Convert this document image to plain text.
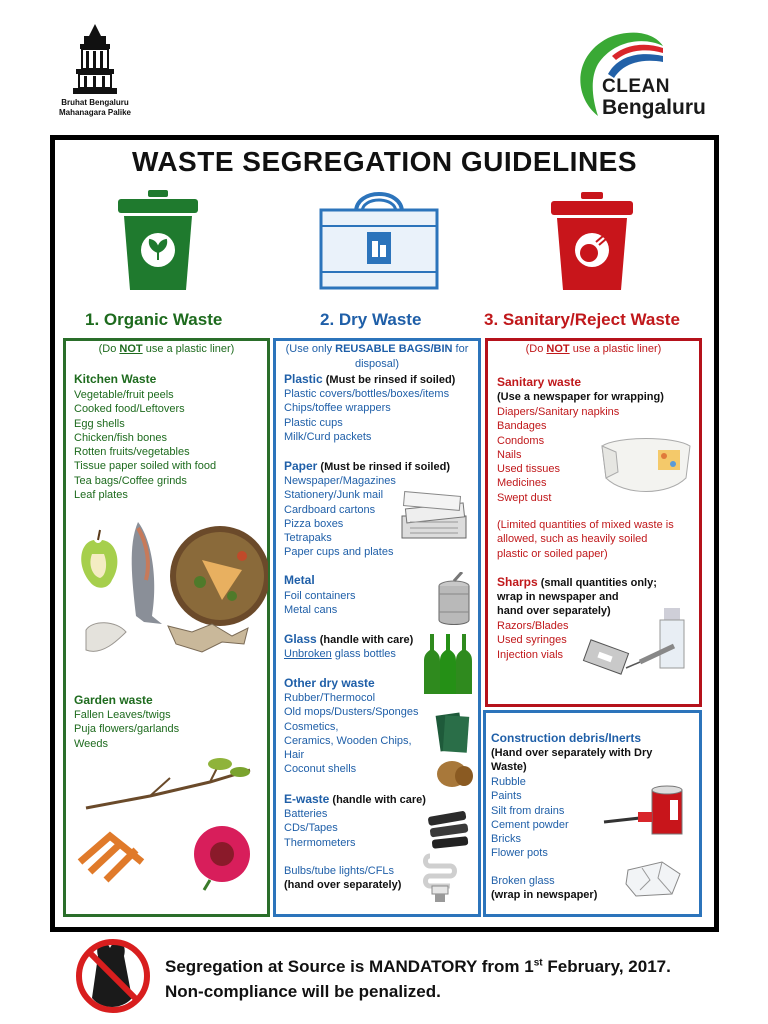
Bruhat Bengaluru
Mahanagara Palike
CLEAN
Bengaluru
WASTE SEGREGATION GUIDELINES
1. Organic Waste	2. Dry Waste	3. Sanitary/Reject Waste
(Do NOT use a plastic liner)
Kitchen Waste
Vegetable/fruit peels
Cooked food/Leftovers
Egg shells
Chicken/fish bones
Rotten fruits/vegetables
Tissue paper soiled with food
Tea bags/Coffee grinds
Leaf plates
Garden waste
Fallen Leaves/twigs
Puja flowers/garlands
Weeds
(Use only REUSABLE BAGS/BIN for disposal)
Plastic (Must be rinsed if soiled)
Plastic covers/bottles/boxes/items
Chips/toffee wrappers
Plastic cups
Milk/Curd packets
Paper (Must be rinsed if soiled)
Newspaper/Magazines
Stationery/Junk mail
Cardboard cartons
Pizza boxes
Tetrapaks
Paper cups and plates
Metal
Foil containers
Metal cans
Glass (handle with care)
Unbroken glass bottles
Other dry waste
Rubber/Thermocol
Old mops/Dusters/Sponges
Cosmetics,
Ceramics, Wooden Chips,
Hair
Coconut shells
E-waste (handle with care)
Batteries
CDs/Tapes
Thermometers
Bulbs/tube lights/CFLs
(hand over separately)
(Do NOT use a plastic liner)
Sanitary waste
(Use a newspaper for wrapping)
Diapers/Sanitary napkins
Bandages
Condoms
Nails
Used tissues
Medicines
Swept dust
(Limited quantities of mixed waste is
allowed, such as heavily soiled
plastic or soiled paper)
Sharps (small quantities only;
wrap in newspaper and
hand over separately)
Razors/Blades
Used syringes
Injection vials
Construction debris/Inerts
(Hand over separately with Dry
Waste)
Rubble
Paints
Silt from drains
Cement powder
Bricks
Flower pots
Broken glass
(wrap in newspaper)
Segregation at Source is MANDATORY from 1st February, 2017.
Non-compliance will be penalized.
